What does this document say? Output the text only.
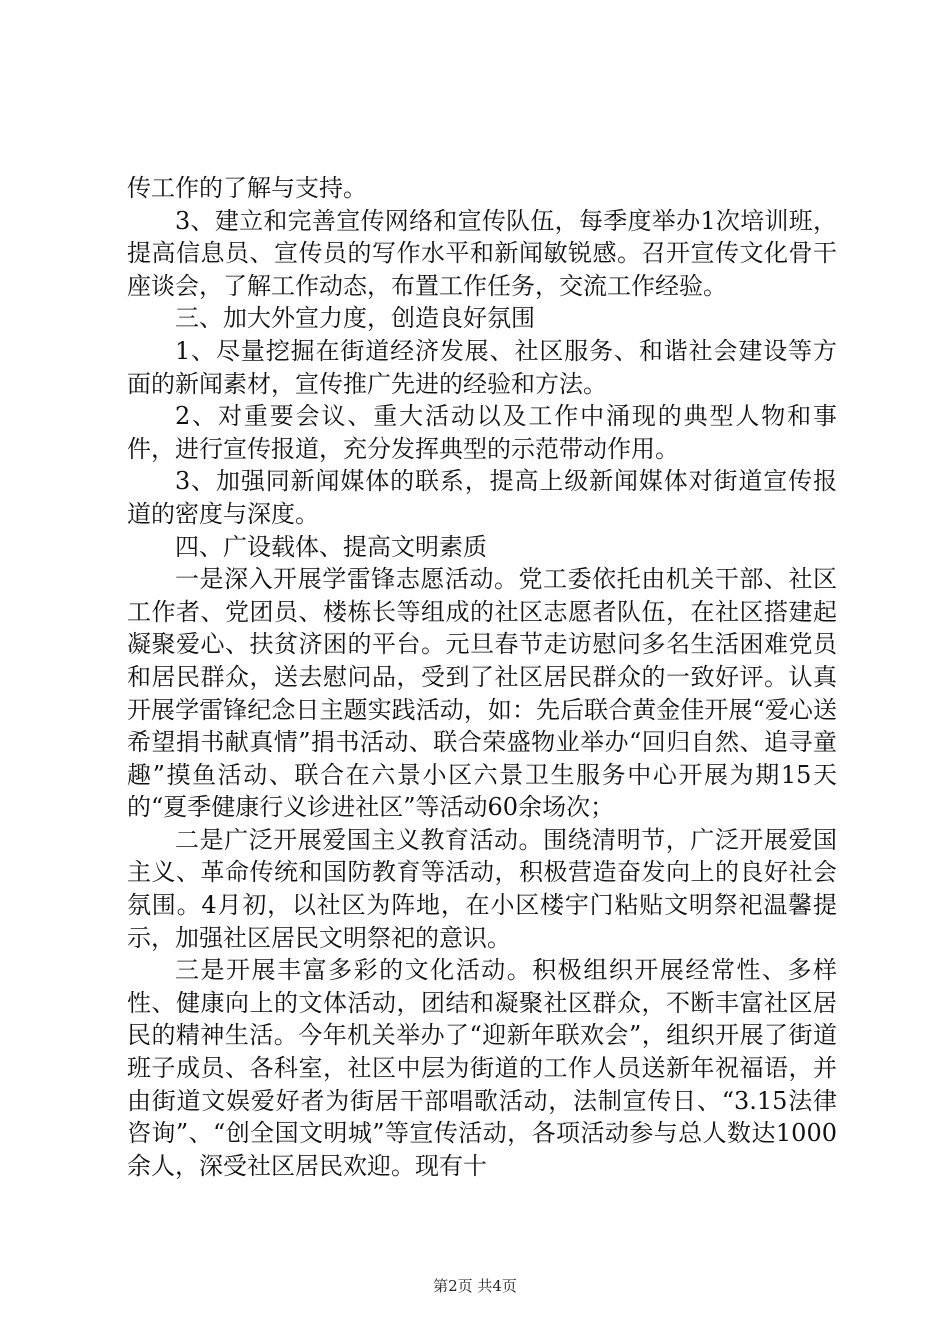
传工作的了解与支持。

3、建立和完善宣传网络和宣传队伍，每季度举办1次培训班，提高信息员、宣传员的写作水平和新闻敏锐感。召开宣传文化骨干座谈会，了解工作动态，布置工作任务，交流工作经验。

三、加大外宣力度，创造良好氛围

1、尽量挖掘在街道经济发展、社区服务、和谐社会建设等方面的新闻素材，宣传推广先进的经验和方法。

2、对重要会议、重大活动以及工作中涌现的典型人物和事件，进行宣传报道，充分发挥典型的示范带动作用。

3、加强同新闻媒体的联系，提高上级新闻媒体对街道宣传报道的密度与深度。

四、广设载体、提高文明素质

一是深入开展学雷锋志愿活动。党工委依托由机关干部、社区工作者、党团员、楼栋长等组成的社区志愿者队伍，在社区搭建起凝聚爱心、扶贫济困的平台。元旦春节走访慰问多名生活困难党员和居民群众，送去慰问品，受到了社区居民群众的一致好评。认真开展学雷锋纪念日主题实践活动，如：先后联合黄金佳开展“爱心送希望捐书献真情”捐书活动、联合荣盛物业举办“回归自然、追寻童趣”摸鱼活动、联合在六景小区六景卫生服务中心开展为期15天的“夏季健康行义诊进社区”等活动60余场次；

二是广泛开展爱国主义教育活动。围绕清明节，广泛开展爱国主义、革命传统和国防教育等活动，积极营造奋发向上的良好社会氛围。4月初，以社区为阵地，在小区楼宇门粘贴文明祭祀温馨提示，加强社区居民文明祭祀的意识。

三是开展丰富多彩的文化活动。积极组织开展经常性、多样性、健康向上的文体活动，团结和凝聚社区群众，不断丰富社区居民的精神生活。今年机关举办了“迎新年联欢会”，组织开展了街道班子成员、各科室，社区中层为街道的工作人员送新年祝福语，并由街道文娱爱好者为街居干部唱歌活动，法制宣传日、“3.15法律咨询”、“创全国文明城”等宣传活动，各项活动参与总人数达1000余人，深受社区居民欢迎。现有十

第2页 共4页
